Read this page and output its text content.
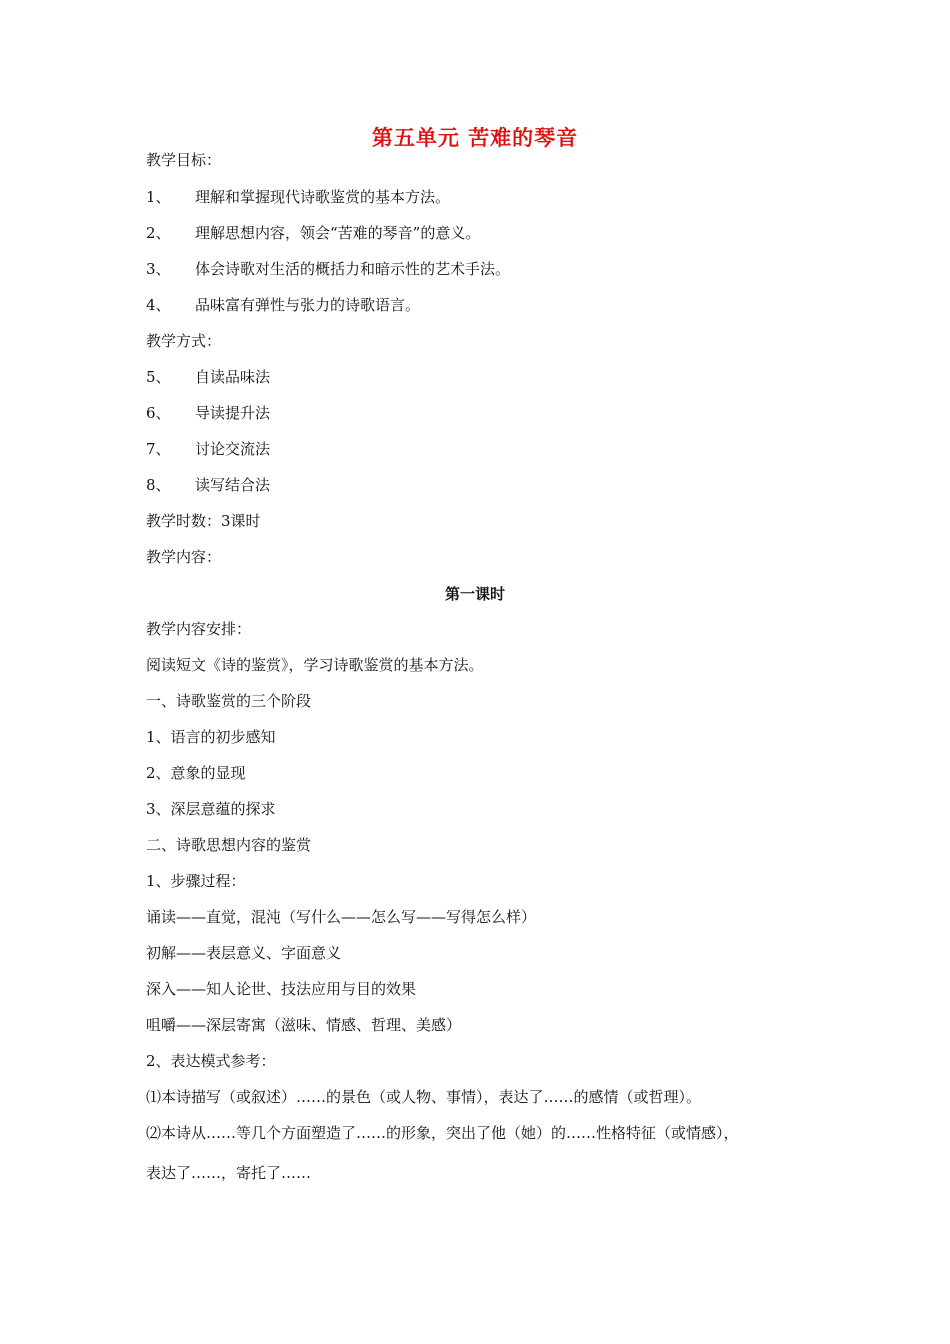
第五单元 苦难的琴音
教学目标：
1、 理解和掌握现代诗歌鉴赏的基本方法。
2、 理解思想内容，领会“苦难的琴音”的意义。
3、 体会诗歌对生活的概括力和暗示性的艺术手法。
4、 品味富有弹性与张力的诗歌语言。
教学方式：
5、 自读品味法
6、 导读提升法
7、 讨论交流法
8、 读写结合法
教学时数：3课时
教学内容：
第一课时
教学内容安排：
阅读短文《诗的鉴赏》，学习诗歌鉴赏的基本方法。
一、诗歌鉴赏的三个阶段
1、语言的初步感知
2、意象的显现
3、深层意蕴的探求
二、诗歌思想内容的鉴赏
1、步骤过程：
诵读——直觉，混沌（写什么——怎么写——写得怎么样）
初解——表层意义、字面意义
深入——知人论世、技法应用与目的效果
咀嚼——深层寄寓（滋味、情感、哲理、美感）
2、表达模式参考：
⑴本诗描写（或叙述）……的景色（或人物、事情），表达了……的感情（或哲理）。
⑵本诗从……等几个方面塑造了……的形象，突出了他（她）的……性格特征（或情感），
表达了……，寄托了……
